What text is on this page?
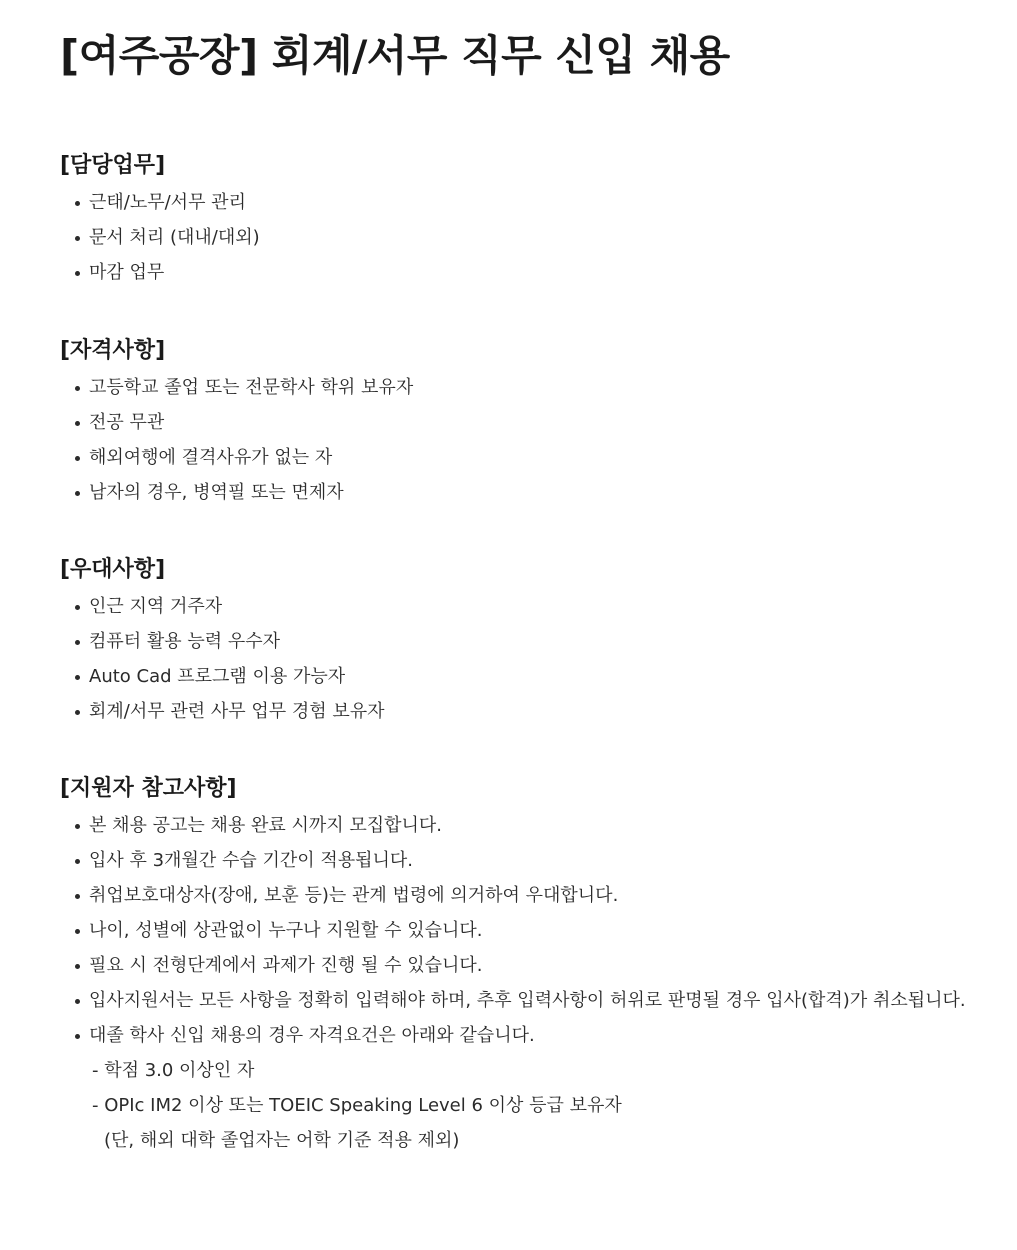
[여주공장] 회계/서무 직무 신입 채용
[담당업무]
근태/노무/서무 관리
문서 처리 (대내/대외)
마감 업무
[자격사항]
고등학교 졸업 또는 전문학사 학위 보유자
전공 무관
해외여행에 결격사유가 없는 자
남자의 경우, 병역필 또는 면제자
[우대사항]
인근 지역 거주자
컴퓨터 활용 능력 우수자
Auto Cad 프로그램 이용 가능자
회계/서무 관련 사무 업무 경험 보유자
[지원자 참고사항]
본 채용 공고는 채용 완료 시까지 모집합니다.
입사 후 3개월간 수습 기간이 적용됩니다.
취업보호대상자(장애, 보훈 등)는 관계 법령에 의거하여 우대합니다.
나이, 성별에 상관없이 누구나 지원할 수 있습니다.
필요 시 전형단계에서 과제가 진행 될 수 있습니다.
입사지원서는 모든 사항을 정확히 입력해야 하며, 추후 입력사항이 허위로 판명될 경우 입사(합격)가 취소됩니다.
대졸 학사 신입 채용의 경우 자격요건은 아래와 같습니다.
- 학점 3.0 이상인 자
- OPIc IM2 이상 또는 TOEIC Speaking Level 6 이상 등급 보유자
(단, 해외 대학 졸업자는 어학 기준 적용 제외)
